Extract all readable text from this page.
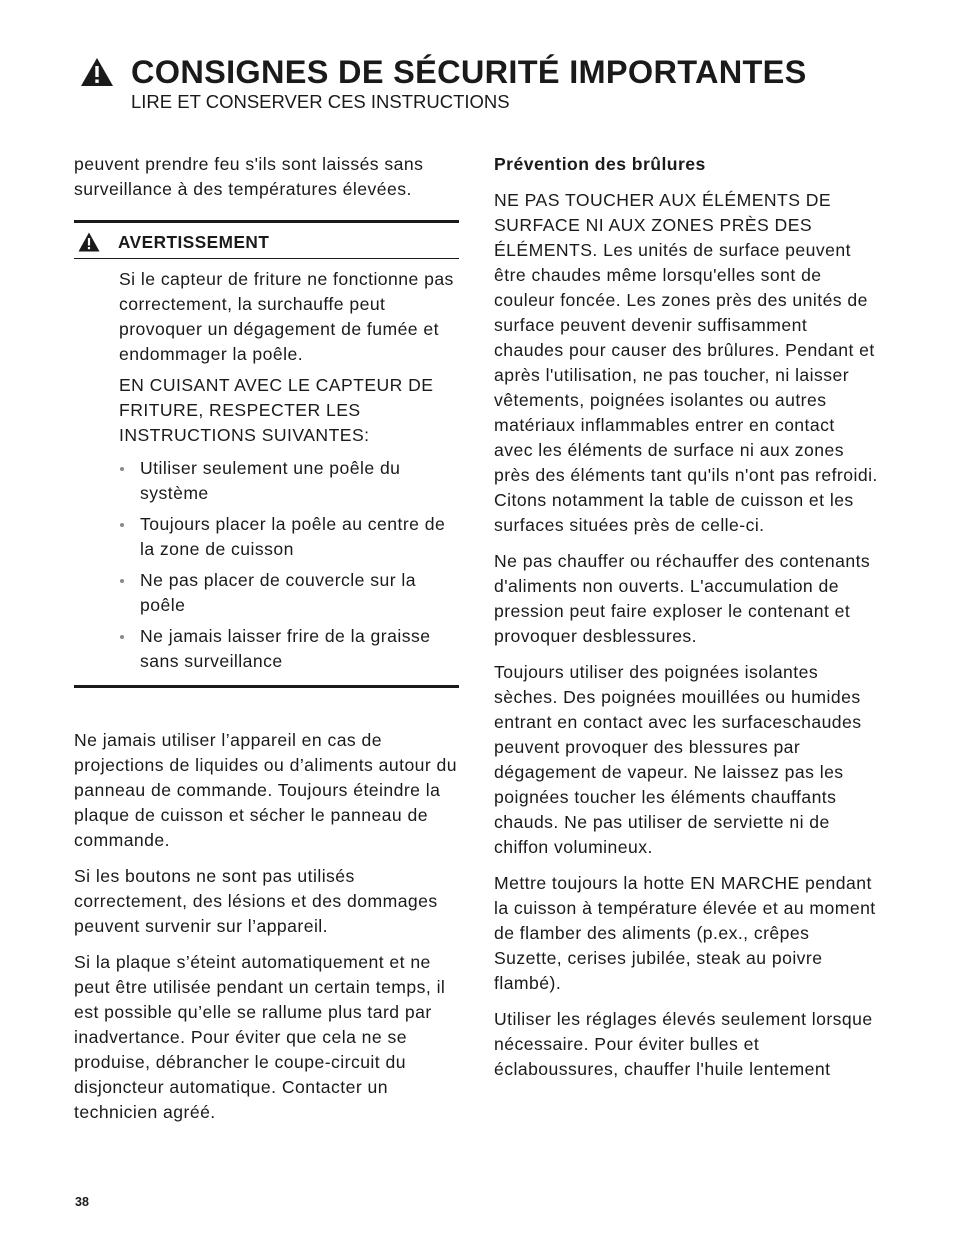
CONSIGNES DE SÉCURITÉ IMPORTANTES
LIRE ET CONSERVER CES INSTRUCTIONS

peuvent prendre feu s'ils sont laissés sans surveillance à des températures élevées.

AVERTISSEMENT

Si le capteur de friture ne fonctionne pas correctement, la surchauffe peut provoquer un dégagement de fumée et endommager la poêle.

EN CUISANT AVEC LE CAPTEUR DE FRITURE, RESPECTER LES INSTRUCTIONS SUIVANTES:

Utiliser seulement une poêle du système
Toujours placer la poêle au centre de la zone de cuisson
Ne pas placer de couvercle sur la poêle
Ne jamais laisser frire de la graisse sans surveillance

Ne jamais utiliser l’appareil en cas de projections de liquides ou d’aliments autour du panneau de commande. Toujours éteindre la plaque de cuisson et sécher le panneau de commande.

Si les boutons ne sont pas utilisés correctement, des lésions et des dommages peuvent survenir sur l’appareil.

Si la plaque s’éteint automatiquement et ne peut être utilisée pendant un certain temps, il est possible qu’elle se rallume plus tard par inadvertance. Pour éviter que cela ne se produise, débrancher le coupe-circuit du disjoncteur automatique. Contacter un technicien agréé.

Prévention des brûlures

NE PAS TOUCHER AUX ÉLÉMENTS DE SURFACE NI AUX ZONES PRÈS DES ÉLÉMENTS. Les unités de surface peuvent être chaudes même lorsqu'elles sont de couleur foncée. Les zones près des unités de surface peuvent devenir suffisamment chaudes pour causer des brûlures. Pendant et après l'utilisation, ne pas toucher, ni laisser vêtements, poignées isolantes ou autres matériaux inflammables entrer en contact avec les éléments de surface ni aux zones près des éléments tant qu'ils n'ont pas refroidi. Citons notamment la table de cuisson et les surfaces situées près de celle-ci.

Ne pas chauffer ou réchauffer des contenants d'aliments non ouverts. L'accumulation de pression peut faire exploser le contenant et provoquer desblessures.

Toujours utiliser des poignées isolantes sèches. Des poignées mouillées ou humides entrant en contact avec les surfaceschaudes peuvent provoquer des blessures par dégagement de vapeur. Ne laissez pas les poignées toucher les éléments chauffants chauds. Ne pas utiliser de serviette ni de chiffon volumineux.

Mettre toujours la hotte EN MARCHE pendant la cuisson à température élevée et au moment de flamber des aliments (p.ex., crêpes Suzette, cerises jubilée, steak au poivre flambé).

Utiliser les réglages élevés seulement lorsque nécessaire. Pour éviter bulles et éclaboussures, chauffer l'huile lentement

38
